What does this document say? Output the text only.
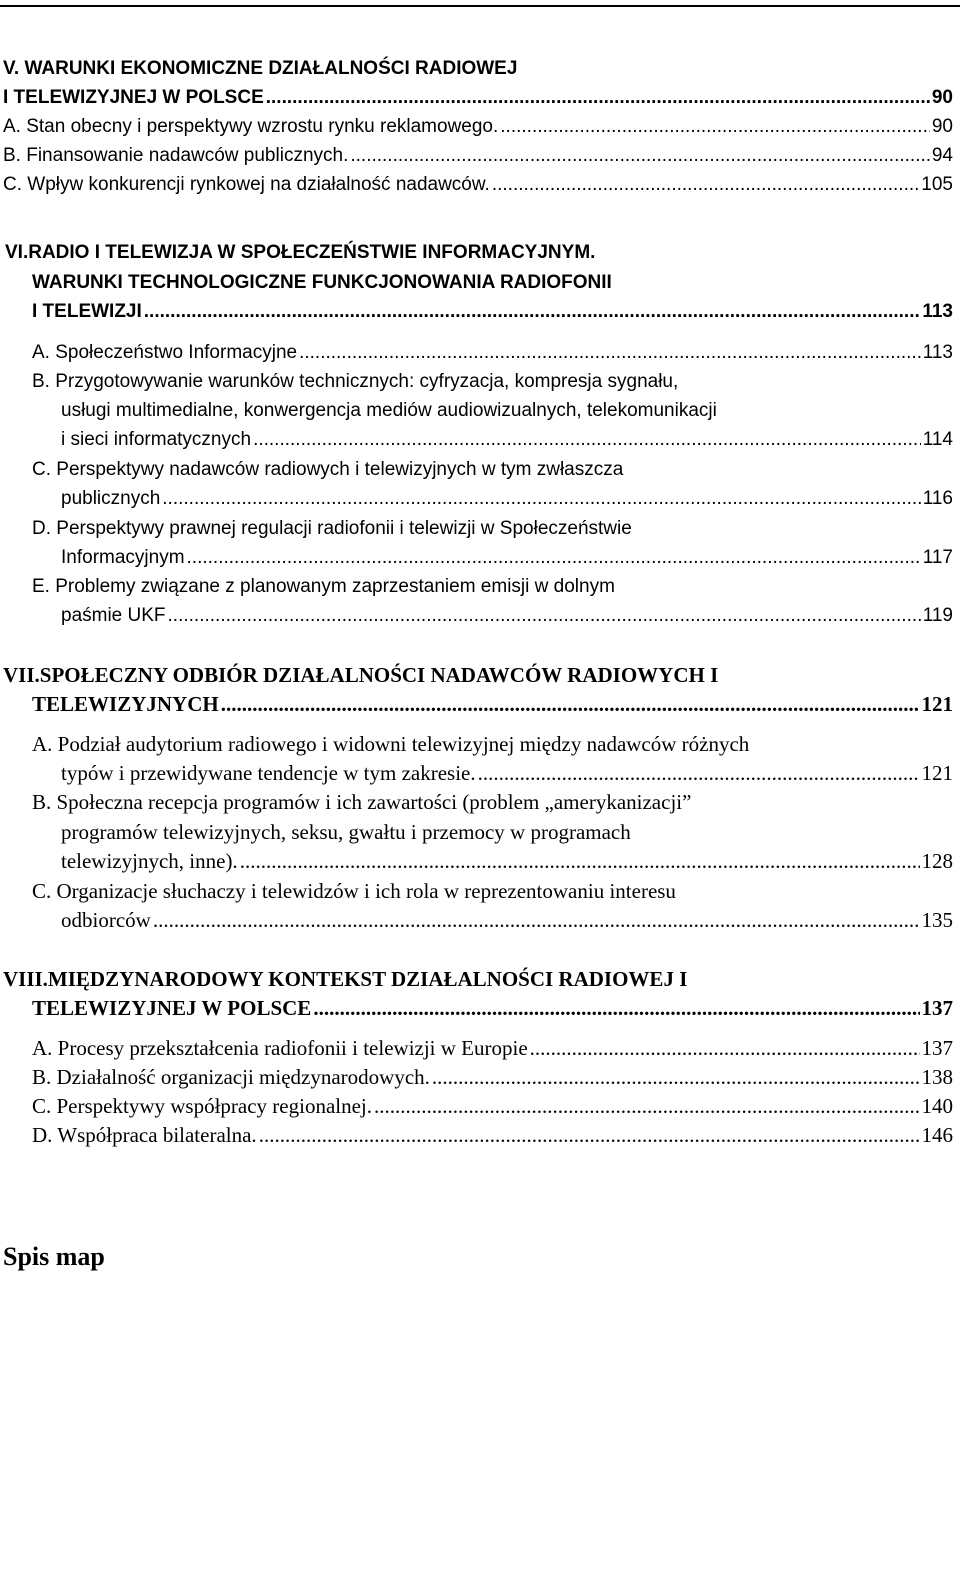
V. WARUNKI EKONOMICZNE DZIAŁALNOŚCI RADIOWEJ
I TELEWIZYJNEJ W POLSCE .....	90
A. Stan obecny i perspektywy wzrostu rynku reklamowego. .....	90
B. Finansowanie nadawców publicznych. .....	94
C. Wpływ konkurencji rynkowej na działalność nadawców. .....	105
VI.RADIO I TELEWIZJA W SPOŁECZEŃSTWIE INFORMACYJNYM.
WARUNKI TECHNOLOGICZNE FUNKCJONOWANIA RADIOFONII
I TELEWIZJI .....	113
A. Społeczeństwo Informacyjne .....	113
B. Przygotowywanie warunków technicznych: cyfryzacja, kompresja sygnału,
usługi multimedialne, konwergencja mediów audiowizualnych, telekomunikacji
i sieci informatycznych .....	114
C. Perspektywy nadawców radiowych i telewizyjnych w tym zwłaszcza
publicznych .....	116
D. Perspektywy prawnej regulacji radiofonii i telewizji w Społeczeństwie
Informacyjnym .....	117
E. Problemy związane z planowanym zaprzestaniem emisji w dolnym
paśmie UKF .....	119
VII.SPOŁECZNY ODBIÓR DZIAŁALNOŚCI NADAWCÓW RADIOWYCH I
TELEWIZYJNYCH .....	121
A. Podział audytorium radiowego i widowni telewizyjnej między nadawców różnych
typów i przewidywane tendencje w tym zakresie. .....	121
B. Społeczna recepcja programów i ich zawartości (problem „amerykanizacji”
programów telewizyjnych, seksu, gwałtu i przemocy w programach
telewizyjnych, inne). .....	128
C. Organizacje słuchaczy i telewidzów i ich rola w reprezentowaniu interesu
odbiorców .....	135
VIII.MIĘDZYNARODOWY KONTEKST DZIAŁALNOŚCI RADIOWEJ I
TELEWIZYJNEJ W POLSCE .....	137
A. Procesy przekształcenia radiofonii i telewizji w Europie .....	137
B. Działalność organizacji międzynarodowych. .....	138
C. Perspektywy współpracy regionalnej. .....	140
D. Współpraca bilateralna. .....	146
Spis map
